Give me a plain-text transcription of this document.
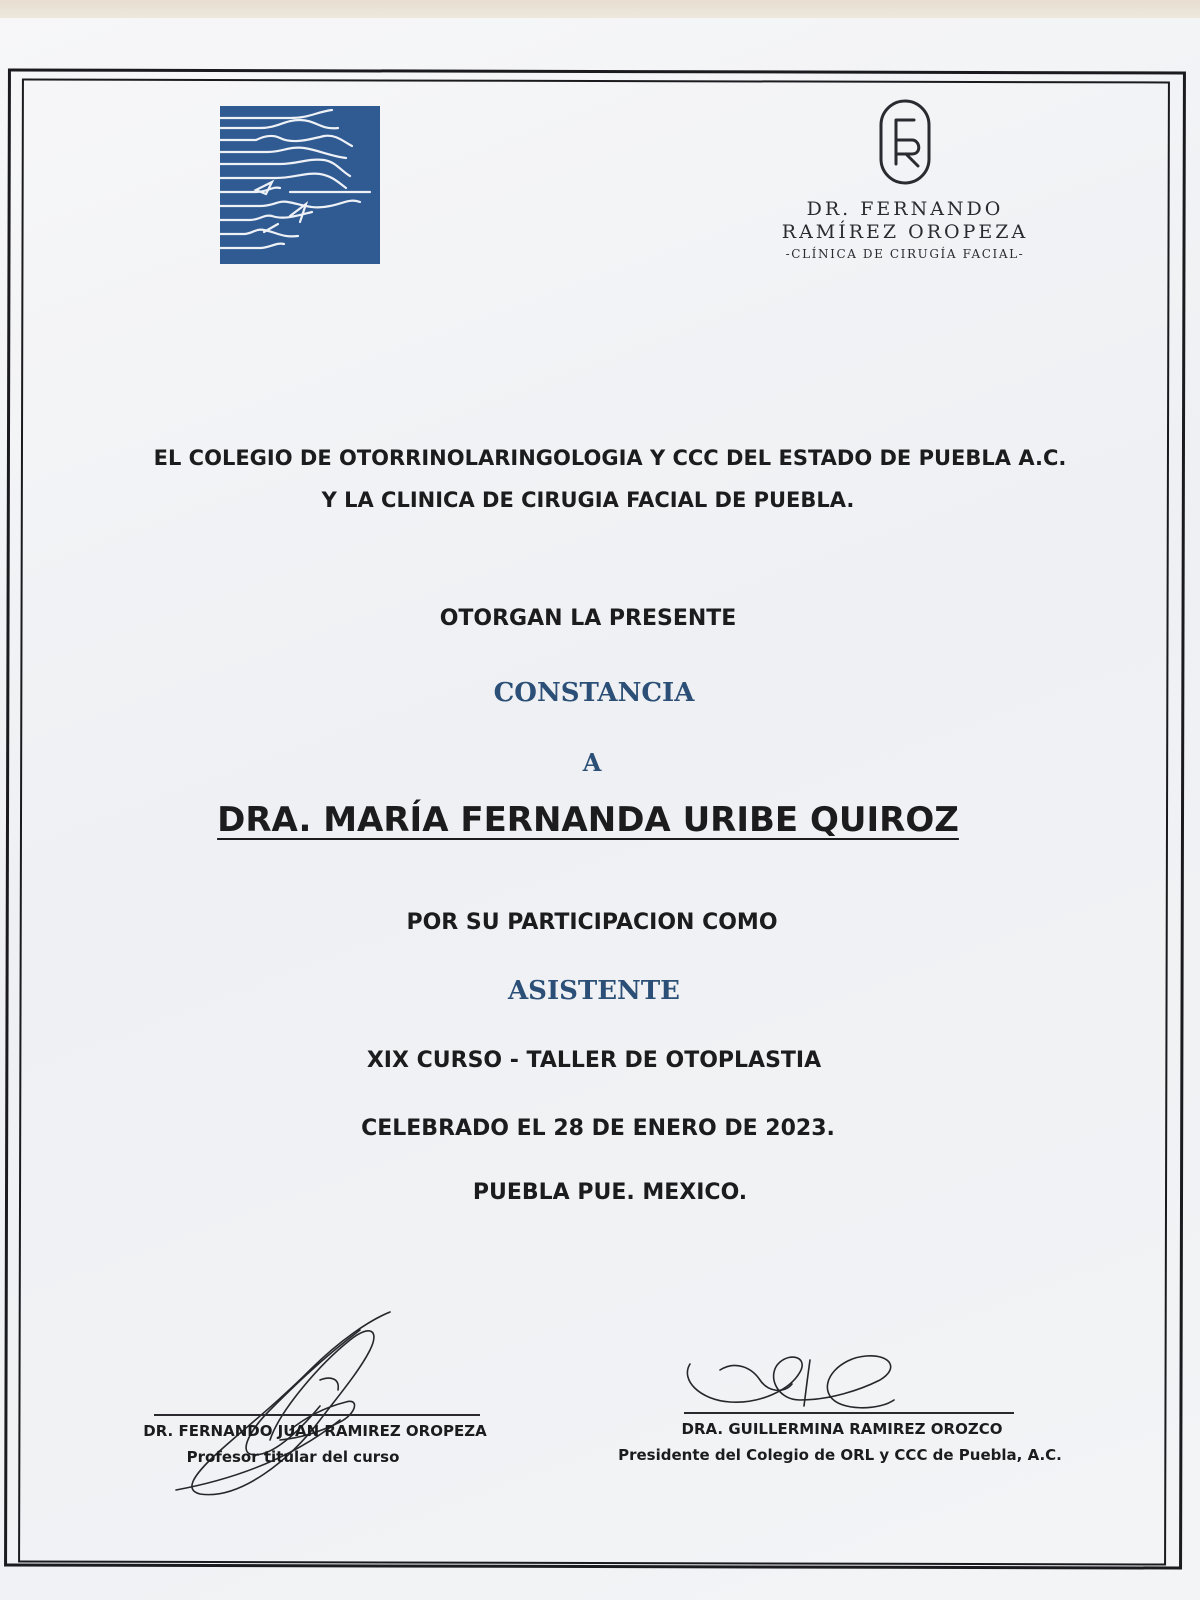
DR. FERNANDO
RAMÍREZ OROPEZA
-CLÍNICA DE CIRUGÍA FACIAL-
EL COLEGIO DE OTORRINOLARINGOLOGIA Y CCC DEL ESTADO DE PUEBLA A.C.
Y LA CLINICA DE CIRUGIA FACIAL DE PUEBLA.
OTORGAN LA PRESENTE
CONSTANCIA
A
DRA. MARÍA FERNANDA URIBE QUIROZ
POR SU PARTICIPACION COMO
ASISTENTE
XIX CURSO - TALLER DE OTOPLASTIA
CELEBRADO EL 28 DE ENERO DE 2023.
PUEBLA PUE. MEXICO.
DR. FERNANDO JUAN RAMIREZ OROPEZA
Profesor titular del curso
DRA. GUILLERMINA RAMIREZ OROZCO
Presidente del Colegio de ORL y CCC de Puebla, A.C.
